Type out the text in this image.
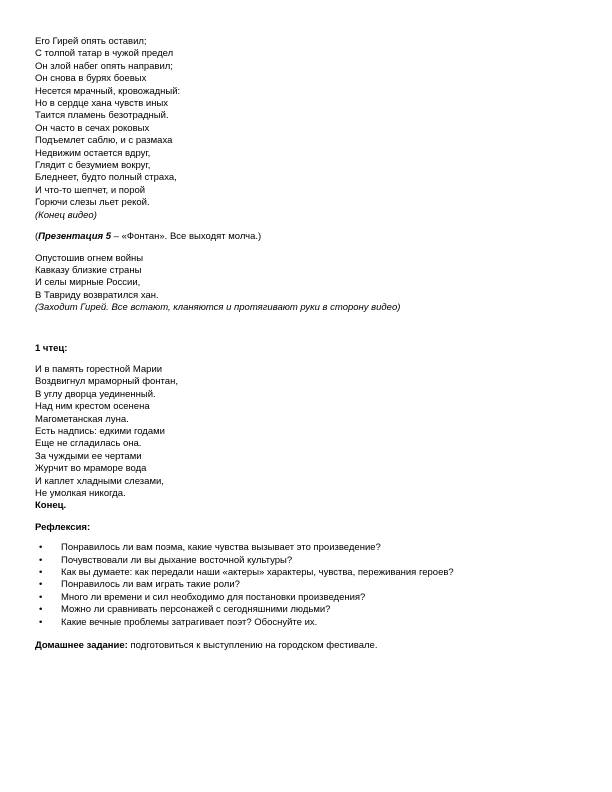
Его Гирей опять оставил;
С толпой татар в чужой предел
Он злой набег опять направил;
Он снова в бурях боевых
Несется мрачный, кровожадный:
Но в сердце хана чувств иных
Таится пламень безотрадный.
Он часто в сечах роковых
Подъемлет саблю, и с размаха
Недвижим остается вдруг,
Глядит с безумием вокруг,
Бледнеет, будто полный страха,
И что-то шепчет, и порой
Горючи слезы льет рекой.
(Конец видео)
(Презентация 5 – «Фонтан». Все выходят молча.)
Опустошив огнем войны
Кавказу близкие страны
И селы мирные России,
В Тавриду возвратился хан.
(Заходит Гирей. Все встают, кланяются и протягивают руки в сторону видео)
1 чтец:
И в память горестной Марии
Воздвигнул мраморный фонтан,
В углу дворца уединенный.
Над ним крестом осенена
Магометанская луна.
Есть надпись: едкими годами
Еще не сгладилась она.
За чуждыми ее чертами
Журчит во мраморе вода
И каплет хладными слезами,
Не умолкая никогда.
Конец.
Рефлексия:
• Понравилось ли вам поэма, какие чувства вызывает это произведение?
• Почувствовали ли вы дыхание восточной культуры?
• Как вы думаете: как передали наши «актеры» характеры, чувства, переживания героев?
• Понравилось ли вам играть такие роли?
• Много ли времени и сил необходимо для постановки произведения?
• Можно ли сравнивать персонажей с сегодняшними людьми?
• Какие вечные проблемы затрагивает поэт? Обоснуйте их.
Домашнее задание: подготовиться к выступлению на городском фестивале.
